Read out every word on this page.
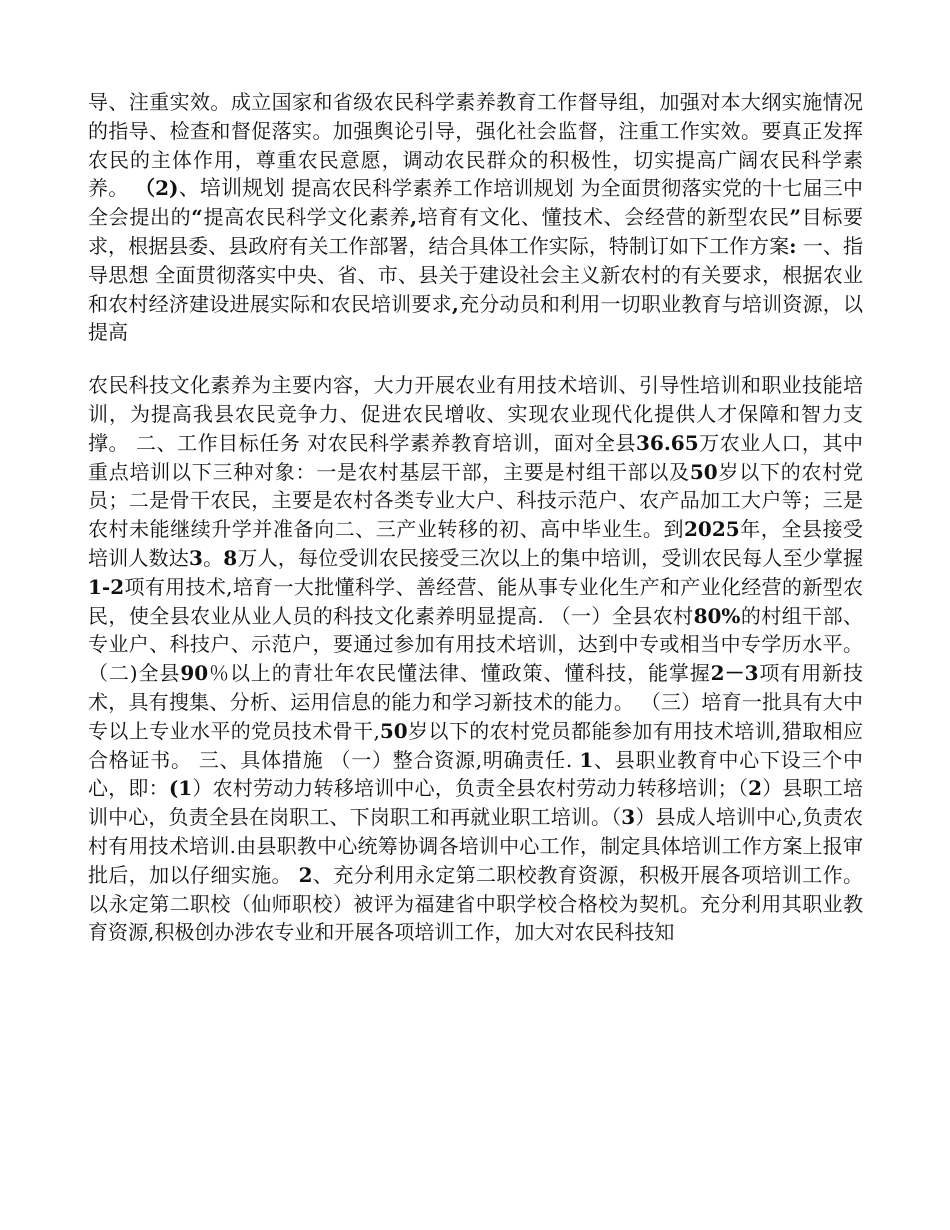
导、注重实效。成立国家和省级农民科学素养教育工作督导组，加强对本大纲实施情况的指导、检查和督促落实。加强舆论引导，强化社会监督，注重工作实效。要真正发挥农民的主体作用，尊重农民意愿，调动农民群众的积极性，切实提高广阔农民科学素养。 （2)、培训规划 提高农民科学素养工作培训规划 为全面贯彻落实党的十七届三中全会提出的“提高农民科学文化素养,培育有文化、懂技术、会经营的新型农民”目标要求，根据县委、县政府有关工作部署，结合具体工作实际，特制订如下工作方案: 一、指导思想 全面贯彻落实中央、省、市、县关于建设社会主义新农村的有关要求，根据农业和农村经济建设进展实际和农民培训要求,充分动员和利用一切职业教育与培训资源，以提高

农民科技文化素养为主要内容，大力开展农业有用技术培训、引导性培训和职业技能培训，为提高我县农民竞争力、促进农民增收、实现农业现代化提供人才保障和智力支撑。 二、工作目标任务 对农民科学素养教育培训，面对全县36.65万农业人口，其中重点培训以下三种对象：一是农村基层干部，主要是村组干部以及50岁以下的农村党员；二是骨干农民，主要是农村各类专业大户、科技示范户、农产品加工大户等；三是农村未能继续升学并准备向二、三产业转移的初、高中毕业生。到2025年，全县接受培训人数达3。8万人，每位受训农民接受三次以上的集中培训，受训农民每人至少掌握1-2项有用技术,培育一大批懂科学、善经营、能从事专业化生产和产业化经营的新型农民，使全县农业从业人员的科技文化素养明显提高. （一）全县农村80%的村组干部、专业户、科技户、示范户，要通过参加有用技术培训，达到中专或相当中专学历水平。 （二)全县90％以上的青壮年农民懂法律、懂政策、懂科技，能掌握2－3项有用新技术，具有搜集、分析、运用信息的能力和学习新技术的能力。 （三）培育一批具有大中专以上专业水平的党员技术骨干,50岁以下的农村党员都能参加有用技术培训,猎取相应合格证书。 三、具体措施 （一）整合资源,明确责任. 1、县职业教育中心下设三个中心，即：(1）农村劳动力转移培训中心，负责全县农村劳动力转移培训；（2）县职工培训中心，负责全县在岗职工、下岗职工和再就业职工培训。（3）县成人培训中心,负责农村有用技术培训.由县职教中心统筹协调各培训中心工作，制定具体培训工作方案上报审批后，加以仔细实施。 2、充分利用永定第二职校教育资源，积极开展各项培训工作。以永定第二职校（仙师职校）被评为福建省中职学校合格校为契机。充分利用其职业教育资源,积极创办涉农专业和开展各项培训工作，加大对农民科技知
